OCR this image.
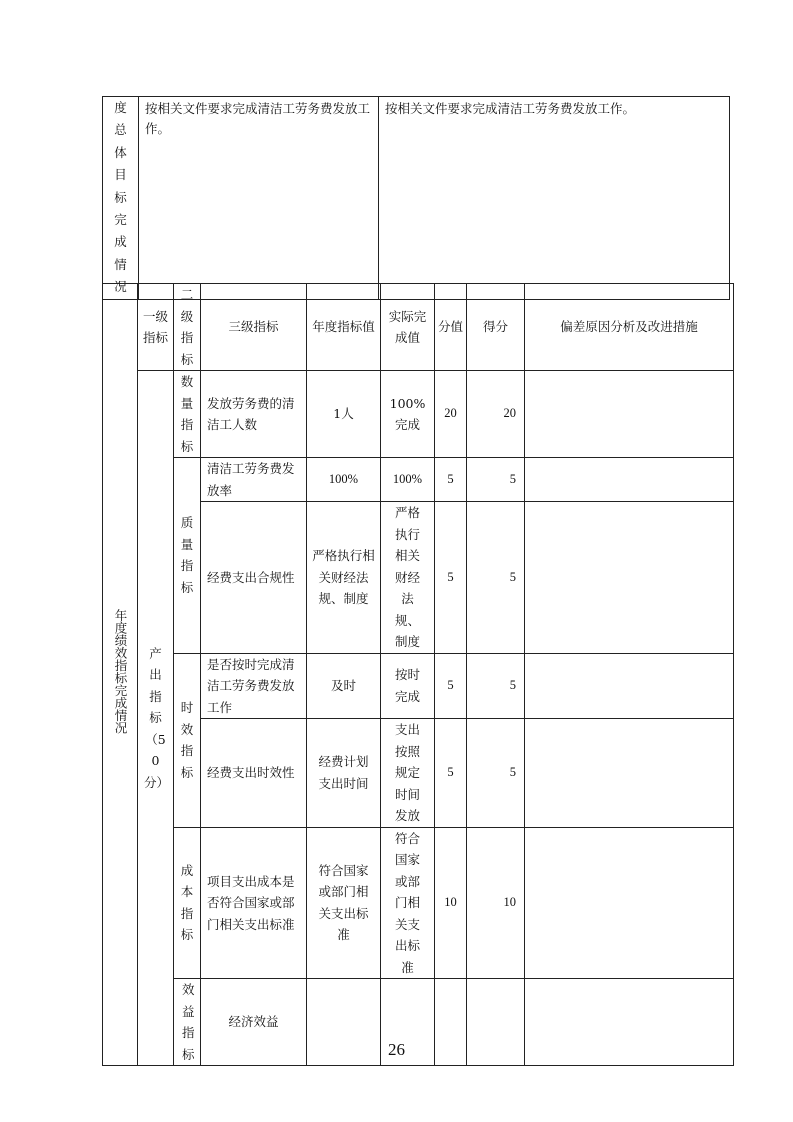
度总体目标完成情况
	按相关文件要求完成清洁工劳务费发放工作。	按相关文件要求完成清洁工劳务费发放工作。
年度绩效指标完成情况	一级指标	二级指标	三级指标	年度指标值	实际完成值	分值	得分	偏差原因分析及改进措施	

	产出指标（50分）	数量指标	发放劳务费的清洁工人数	1人	100%完成	20	20		
		质量指标	清洁工劳务费发放率	100%	100%	5	5		
			经费支出合规性	严格执行相关财经法规、制度	严格执行相关财经法规、制度	5	5		
		时效指标	是否按时完成清洁工劳务费发放工作	及时	按时完成	5	5		
			经费支出时效性	经费计划支出时间	支出按照规定时间发放	5	5		
		成本指标	项目支出成本是否符合国家或部门相关支出标准	符合国家或部门相关支出标准	符合国家或部门相关支出标准	10	10		
		效益指标	经济效益						
26
